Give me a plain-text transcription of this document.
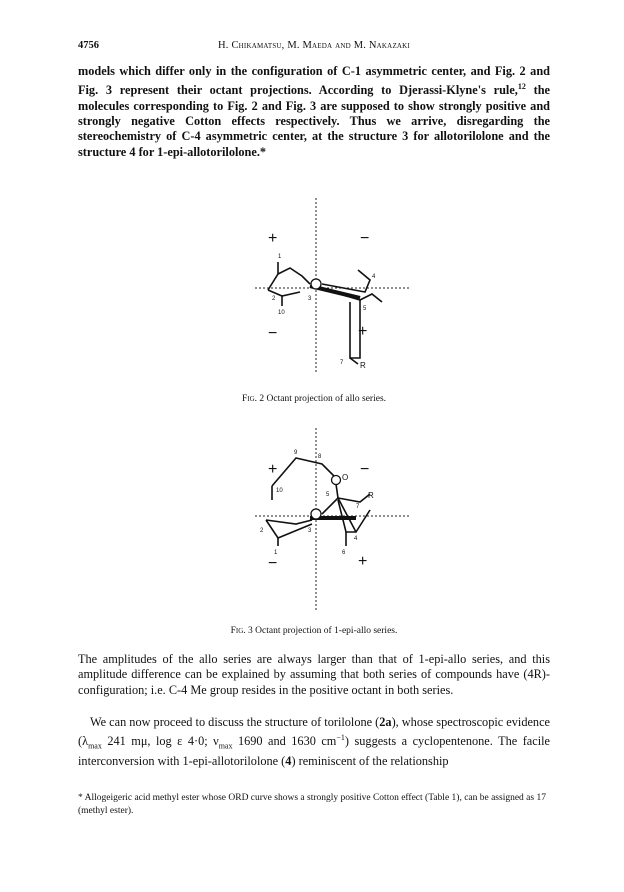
4756	H. Chikamatsu, M. Maeda and M. Nakazaki

models which differ only in the configuration of C-1 asymmetric center, and Fig. 2 and Fig. 3 represent their octant projections. According to Djerassi-Klyne's rule,$^{12}$ the molecules corresponding to Fig. 2 and Fig. 3 are supposed to show strongly positive and strongly negative Cotton effects respectively. Thus we arrive, disregarding the stereochemistry of C-4 asymmetric center, at the structure 3 for allotorilolone and the structure 4 for 1-epi-allotorilolone.*

+	−
−	+
1
2
10
3
4
5
7 R
Fig. 2 Octant projection of allo series.
+	−
−	+
9
8
O
10
5	R
7
2	3
1
4
6
Fig. 3 Octant projection of 1-epi-allo series.

The amplitudes of the allo series are always larger than that of 1-epi-allo series, and this amplitude difference can be explained by assuming that both series of compounds have (4R)-configuration; i.e. C-4 Me group resides in the positive octant in both series.

We can now proceed to discuss the structure of torilolone (2a), whose spectroscopic evidence ($\lambda_{max}$ 241 mμ, log ε 4·0; $\nu_{max}$ 1690 and 1630 $cm^{-1}$) suggests a cyclopentenone. The facile interconversion with 1-epi-allotorilolone (4) reminiscent of the relationship

* Allogeigeric acid methyl ester whose ORD curve shows a strongly positive Cotton effect (Table 1), can be assigned as 17 (methyl ester).
